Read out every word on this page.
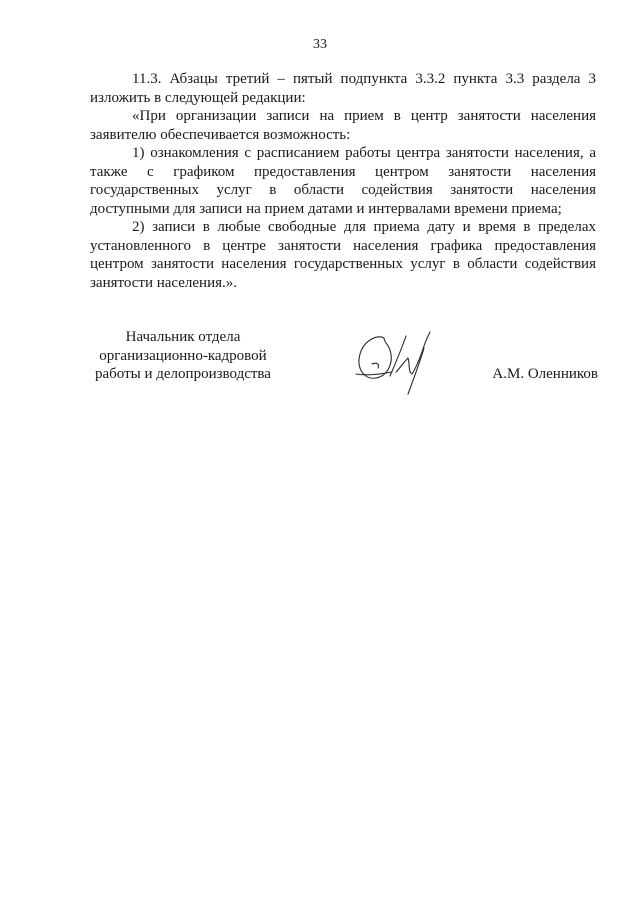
33

11.3. Абзацы третий – пятый подпункта 3.3.2 пункта 3.3 раздела 3 изложить в следующей редакции:

«При организации записи на прием в центр занятости населения заявителю обеспечивается возможность:

1) ознакомления с расписанием работы центра занятости населения, а также с графиком предоставления центром занятости населения государственных услуг в области содействия занятости населения доступными для записи на прием датами и интервалами времени приема;

2) записи в любые свободные для приема дату и время в пределах установленного в центре занятости населения графика предоставления центром занятости населения государственных услуг в области содействия занятости населения.».

Начальник отдела
организационно-кадровой
работы и делопроизводства	А.М. Оленников
